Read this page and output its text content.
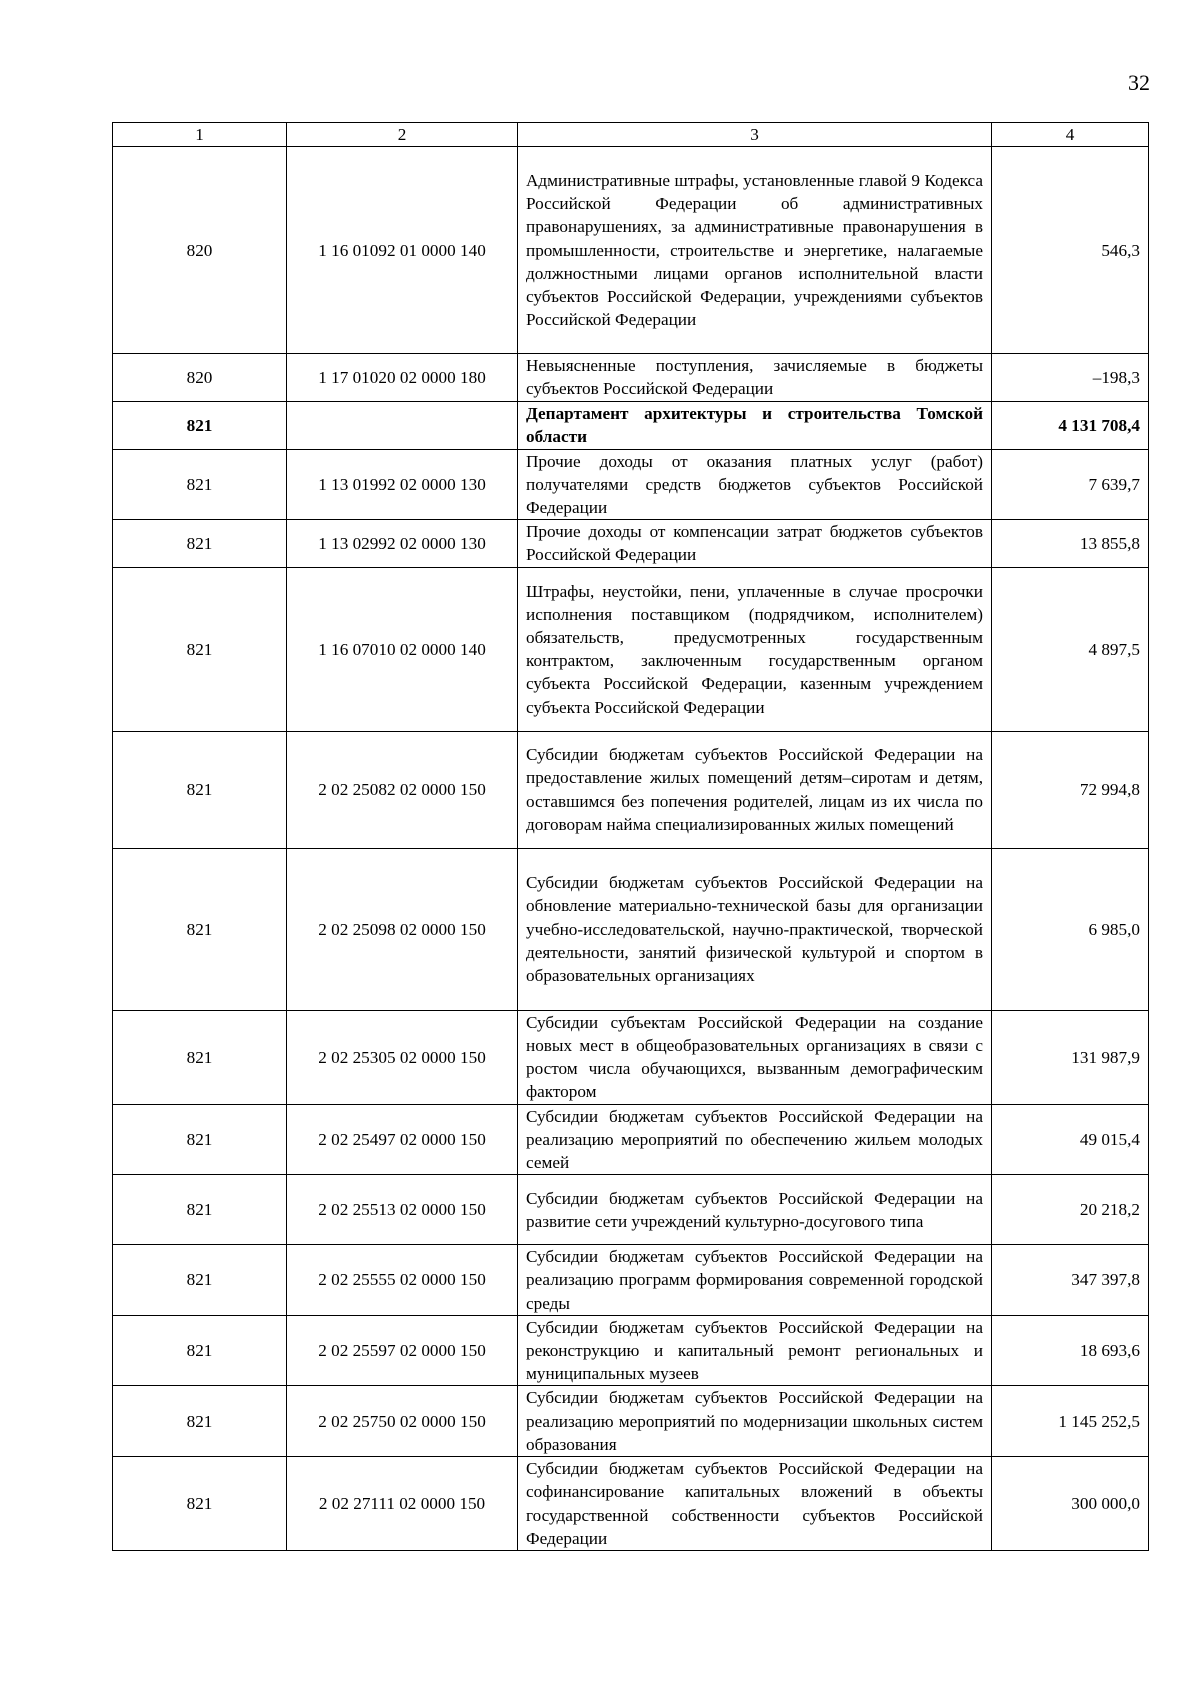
32
1	2	3	4
820	1 16 01092 01 0000 140	Административные штрафы, установленные главой 9 Кодекса Российской Федерации об административных правонарушениях, за административные правонарушения в промышленности, строительстве и энергетике, налагаемые должностными лицами органов исполнительной власти субъектов Российской Федерации, учреждениями субъектов Российской Федерации	546,3
820	1 17 01020 02 0000 180	Невыясненные поступления, зачисляемые в бюджеты субъектов Российской Федерации	–198,3
821		Департамент архитектуры и строительства Томской области	4 131 708,4
821	1 13 01992 02 0000 130	Прочие доходы от оказания платных услуг (работ) получателями средств бюджетов субъектов Российской Федерации	7 639,7
821	1 13 02992 02 0000 130	Прочие доходы от компенсации затрат бюджетов субъектов Российской Федерации	13 855,8
821	1 16 07010 02 0000 140	Штрафы, неустойки, пени, уплаченные в случае просрочки исполнения поставщиком (подрядчиком, исполнителем) обязательств, предусмотренных государственным контрактом, заключенным государственным органом субъекта Российской Федерации, казенным учреждением субъекта Российской Федерации	4 897,5
821	2 02 25082 02 0000 150	Субсидии бюджетам субъектов Российской Федерации на предоставление жилых помещений детям–сиротам и детям, оставшимся без попечения родителей, лицам из их числа по договорам найма специализированных жилых помещений	72 994,8
821	2 02 25098 02 0000 150	Субсидии бюджетам субъектов Российской Федерации на обновление материально-технической базы для организации учебно-исследовательской, научно-практической, творческой деятельности, занятий физической культурой и спортом в образовательных организациях	6 985,0
821	2 02 25305 02 0000 150	Субсидии субъектам Российской Федерации на создание новых мест в общеобразовательных организациях в связи с ростом числа обучающихся, вызванным демографическим фактором	131 987,9
821	2 02 25497 02 0000 150	Субсидии бюджетам субъектов Российской Федерации на реализацию мероприятий по обеспечению жильем молодых семей	49 015,4
821	2 02 25513 02 0000 150	Субсидии бюджетам субъектов Российской Федерации на развитие сети учреждений культурно-досугового типа	20 218,2
821	2 02 25555 02 0000 150	Субсидии бюджетам субъектов Российской Федерации на реализацию программ формирования современной городской среды	347 397,8
821	2 02 25597 02 0000 150	Субсидии бюджетам субъектов Российской Федерации на реконструкцию и капитальный ремонт региональных и муниципальных музеев	18 693,6
821	2 02 25750 02 0000 150	Субсидии бюджетам субъектов Российской Федерации на реализацию мероприятий по модернизации школьных систем образования	1 145 252,5
821	2 02 27111 02 0000 150	Субсидии бюджетам субъектов Российской Федерации на софинансирование капитальных вложений в объекты государственной собственности субъектов Российской Федерации	300 000,0
